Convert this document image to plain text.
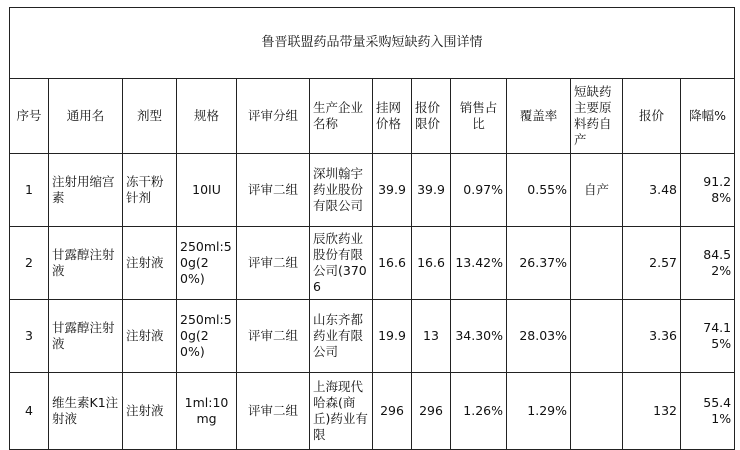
鲁晋联盟药品带量采购短缺药入围详情												
序号	通用名	剂型	规格	评审分组	生产企业名称	挂网价格	报价限价	销售占比	覆盖率	短缺药主要原料药自产	报价	降幅%
1	注射用缩宫素	冻干粉针剂	10IU	评审二组	深圳翰宇药业股份有限公司	39.9	39.9	0.97%	0.55%	自产	3.48	91.28%
2	甘露醇注射液	注射液	250ml:50g(20%)	评审二组	辰欣药业股份有限公司(3706	16.6	16.6	13.42%	26.37%		2.57	84.52%
3	甘露醇注射液	注射液	250ml:50g(20%)	评审二组	山东齐都药业有限公司	19.9	13	34.30%	28.03%		3.36	74.15%
4	维生素K1注射液	注射液	1ml:10mg	评审二组	上海现代哈森(商丘)药业有限	296	296	1.26%	1.29%		132	55.41%
